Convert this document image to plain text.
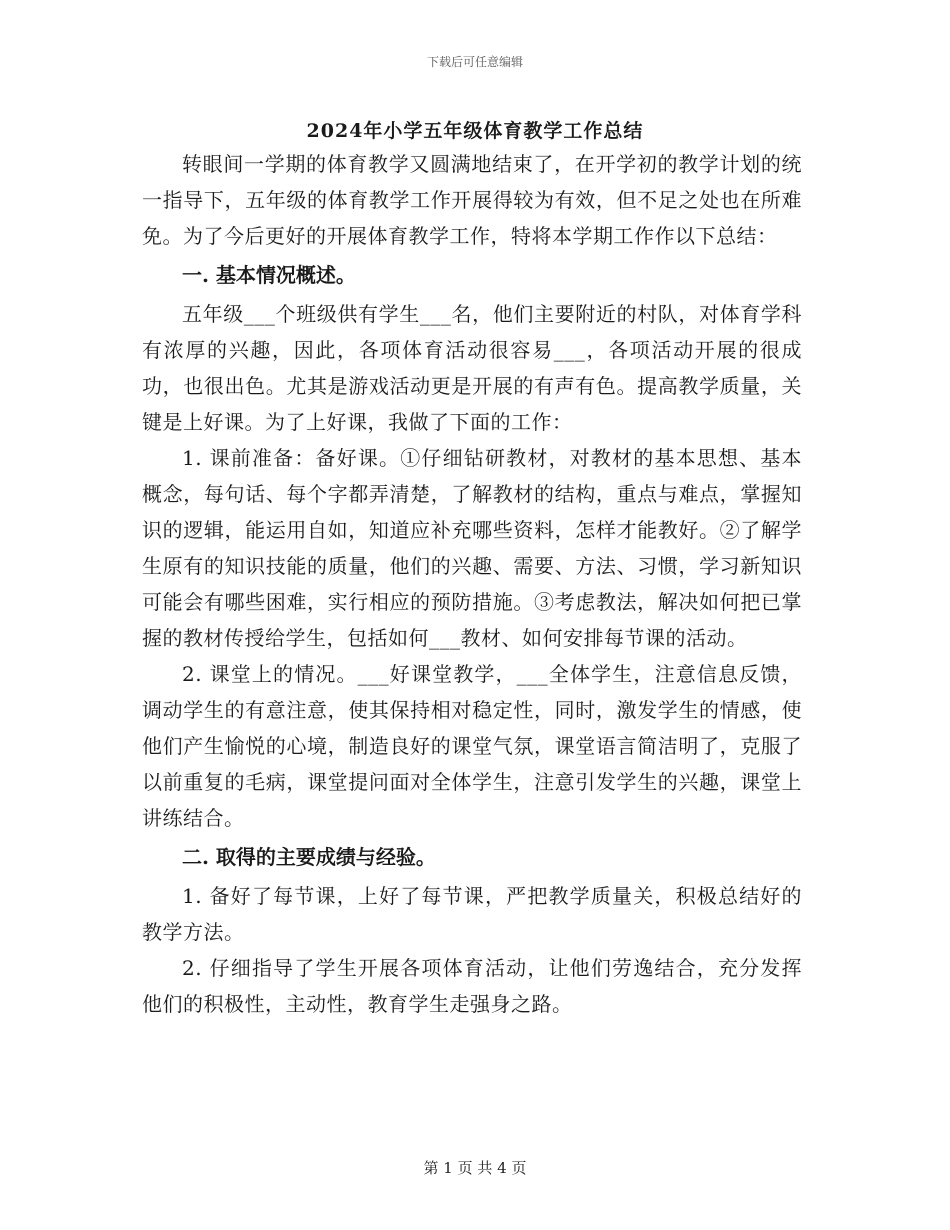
下载后可任意编辑
2024年小学五年级体育教学工作总结

转眼间一学期的体育教学又圆满地结束了，在开学初的教学计划的统一指导下，五年级的体育教学工作开展得较为有效，但不足之处也在所难免。为了今后更好的开展体育教学工作，特将本学期工作作以下总结：

一. 基本情况概述。

五年级___个班级供有学生___名，他们主要附近的村队，对体育学科有浓厚的兴趣，因此，各项体育活动很容易___，各项活动开展的很成功，也很出色。尤其是游戏活动更是开展的有声有色。提高教学质量，关键是上好课。为了上好课，我做了下面的工作：

1. 课前准备：备好课。①仔细钻研教材，对教材的基本思想、基本概念，每句话、每个字都弄清楚，了解教材的结构，重点与难点，掌握知识的逻辑，能运用自如，知道应补充哪些资料，怎样才能教好。②了解学生原有的知识技能的质量，他们的兴趣、需要、方法、习惯，学习新知识可能会有哪些困难，实行相应的预防措施。③考虑教法，解决如何把已掌握的教材传授给学生，包括如何___教材、如何安排每节课的活动。

2. 课堂上的情况。___好课堂教学，___全体学生，注意信息反馈，调动学生的有意注意，使其保持相对稳定性，同时，激发学生的情感，使他们产生愉悦的心境，制造良好的课堂气氛，课堂语言简洁明了，克服了以前重复的毛病，课堂提问面对全体学生，注意引发学生的兴趣，课堂上讲练结合。

二. 取得的主要成绩与经验。

1. 备好了每节课，上好了每节课，严把教学质量关，积极总结好的教学方法。

2. 仔细指导了学生开展各项体育活动，让他们劳逸结合，充分发挥他们的积极性，主动性，教育学生走强身之路。

第 1 页 共 4 页
